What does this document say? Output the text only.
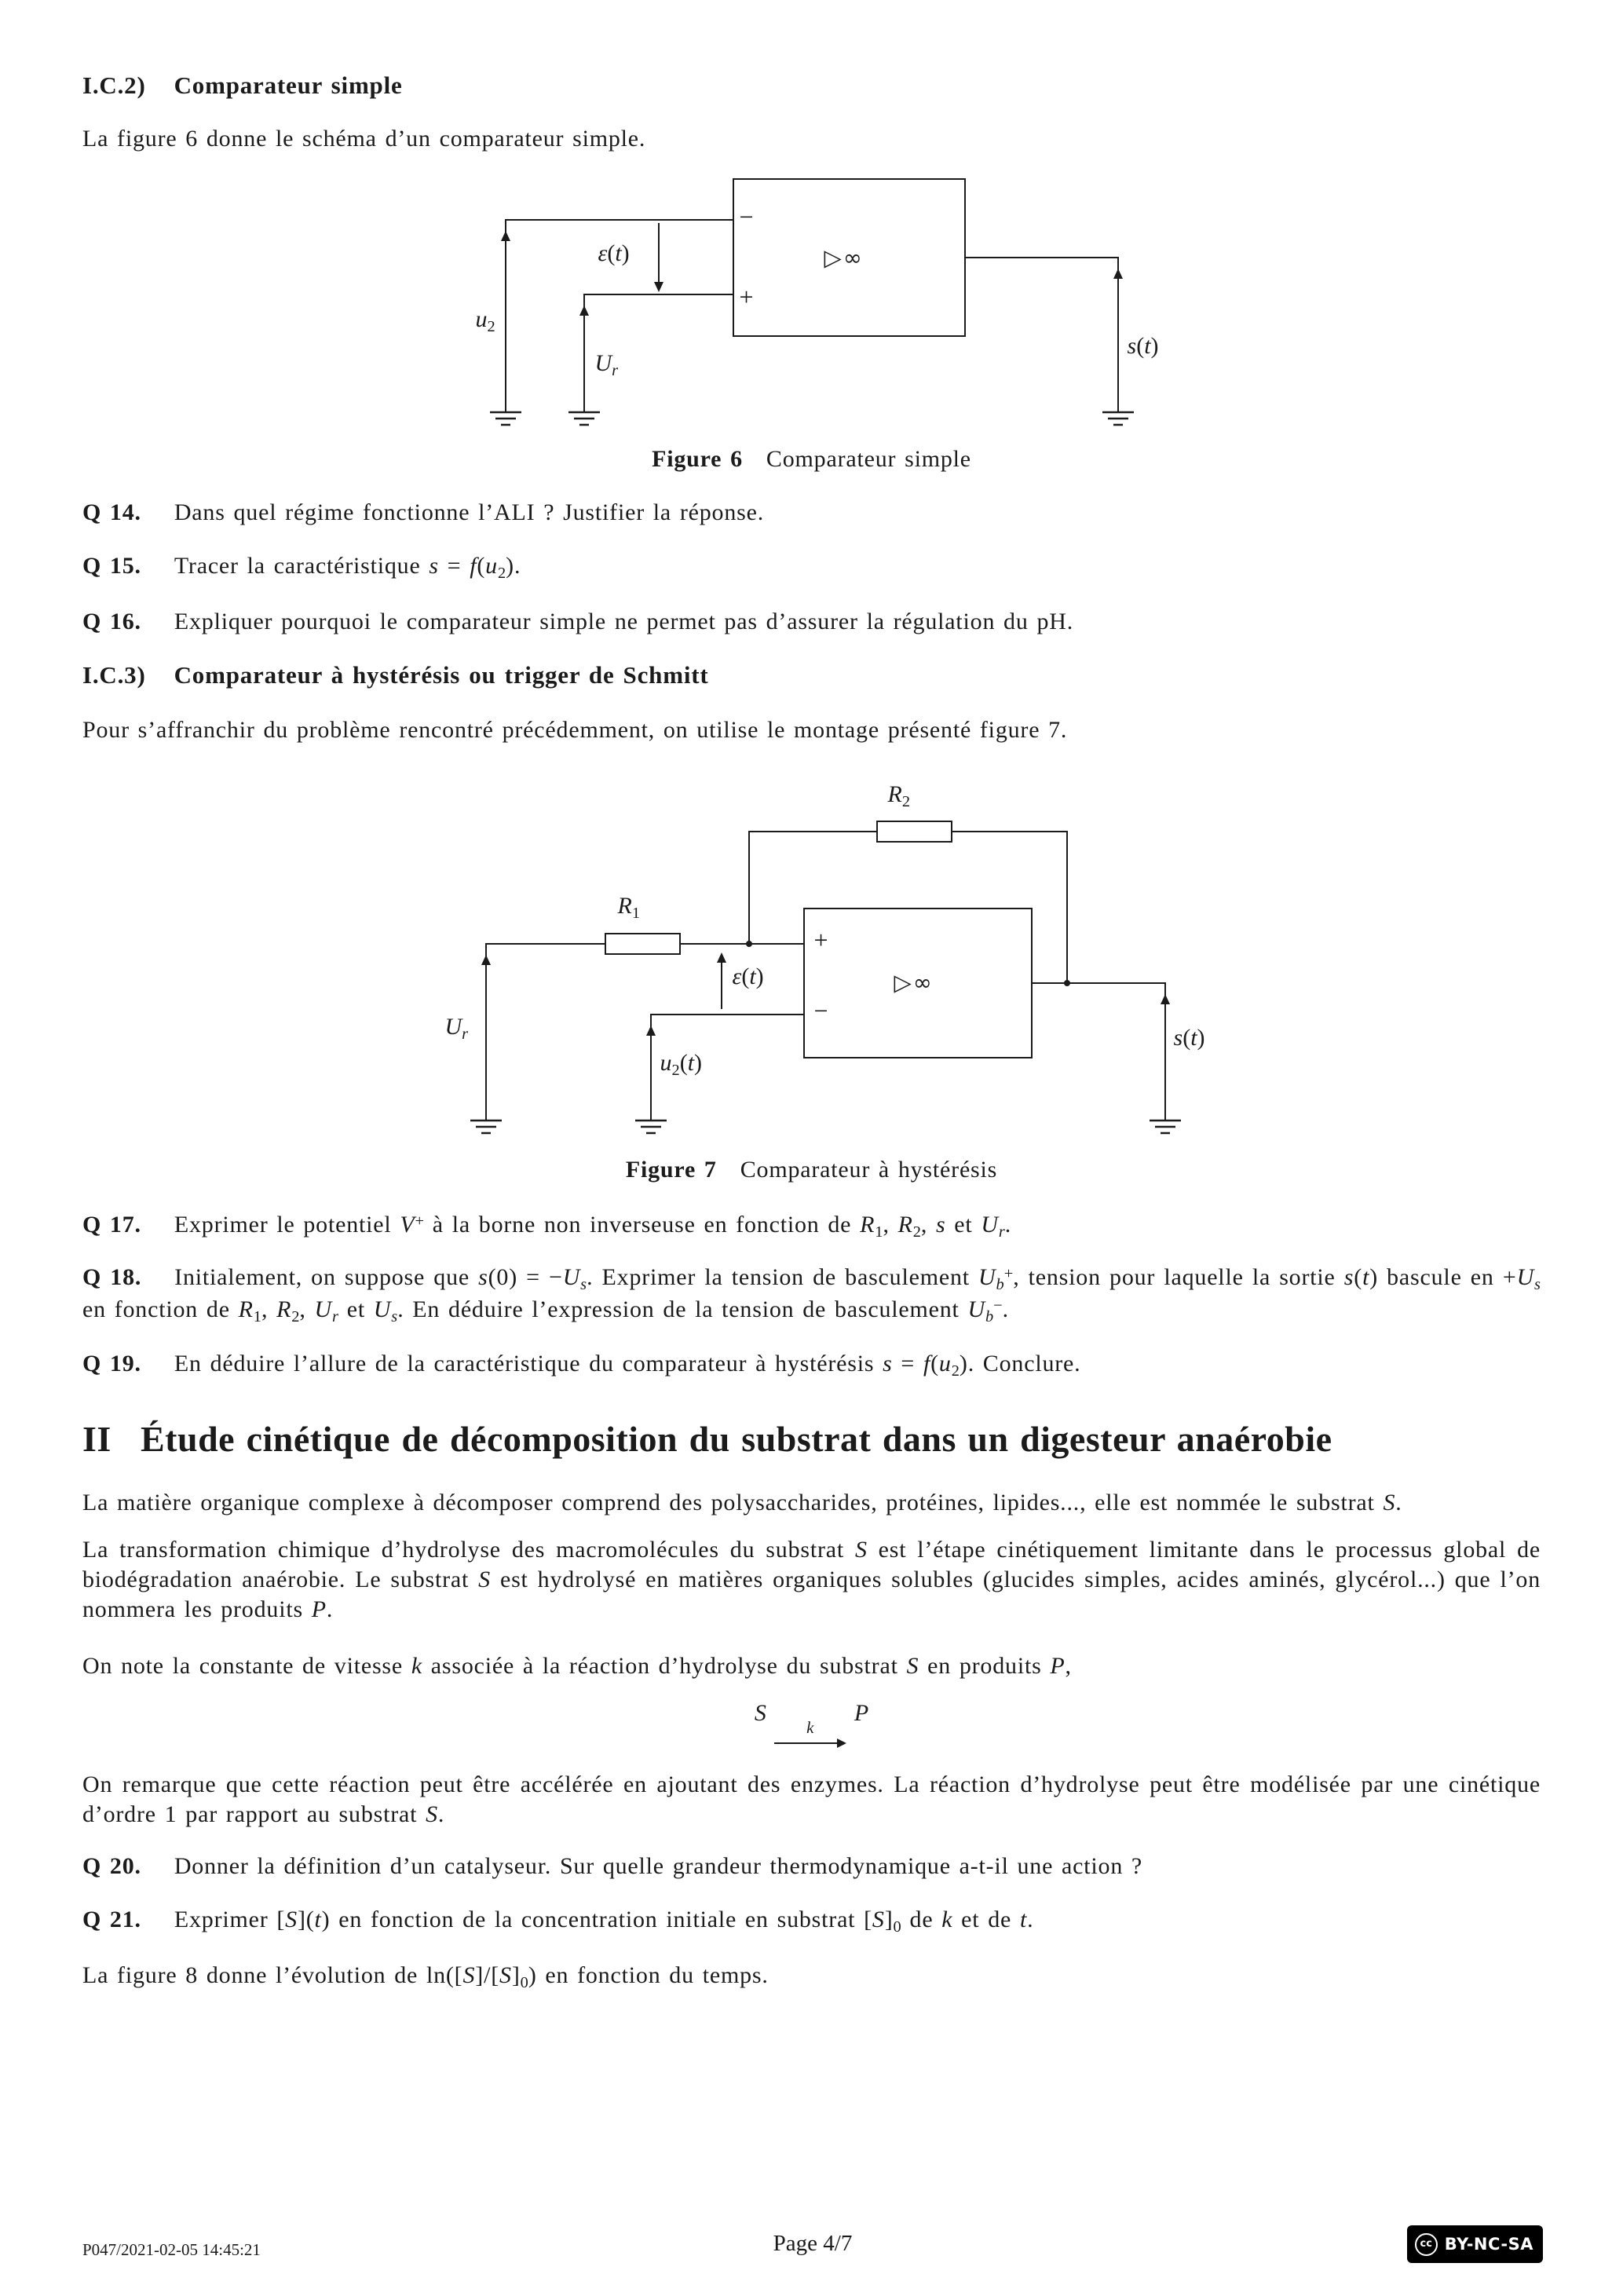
I.C.2) Comparateur simple

La figure 6 donne le schéma d’un comparateur simple.

−
+
▷∞
ε(t)
u2
Ur
s(t)
Figure 6 Comparateur simple

Q 14. Dans quel régime fonctionne l’ALI ? Justifier la réponse.

Q 15. Tracer la caractéristique s = f(u2).

Q 16. Expliquer pourquoi le comparateur simple ne permet pas d’assurer la régulation du pH.

I.C.3) Comparateur à hystérésis ou trigger de Schmitt

Pour s’affranchir du problème rencontré précédemment, on utilise le montage présenté figure 7.

R2
R1
+
−
▷∞
ε(t)
Ur
u2(t)
s(t)
Figure 7 Comparateur à hystérésis

Q 17. Exprimer le potentiel V+ à la borne non inverseuse en fonction de R1, R2, s et Ur.

Q 18. Initialement, on suppose que s(0) = −Us. Exprimer la tension de basculement Ub+, tension pour laquelle la sortie s(t) bascule en +Us en fonction de R1, R2, Ur et Us. En déduire l’expression de la tension de basculement Ub−.

Q 19. En déduire l’allure de la caractéristique du comparateur à hystérésis s = f(u2). Conclure.

II Étude cinétique de décomposition du substrat dans un digesteur anaérobie

La matière organique complexe à décomposer comprend des polysaccharides, protéines, lipides..., elle est nommée le substrat S.

La transformation chimique d’hydrolyse des macromolécules du substrat S est l’étape cinétiquement limitante dans le processus global de biodégradation anaérobie. Le substrat S est hydrolysé en matières organiques solubles (glucides simples, acides aminés, glycérol...) que l’on nommera les produits P.

On note la constante de vitesse k associée à la réaction d’hydrolyse du substrat S en produits P,

S
k
P

On remarque que cette réaction peut être accélérée en ajoutant des enzymes. La réaction d’hydrolyse peut être modélisée par une cinétique d’ordre 1 par rapport au substrat S.

Q 20. Donner la définition d’un catalyseur. Sur quelle grandeur thermodynamique a-t-il une action ?

Q 21. Exprimer [S](t) en fonction de la concentration initiale en substrat [S]0 de k et de t.

La figure 8 donne l’évolution de ln([S]/[S]0) en fonction du temps.

P047/2021-02-05 14:45:21	Page 4/7	cc BY-NC-SA
